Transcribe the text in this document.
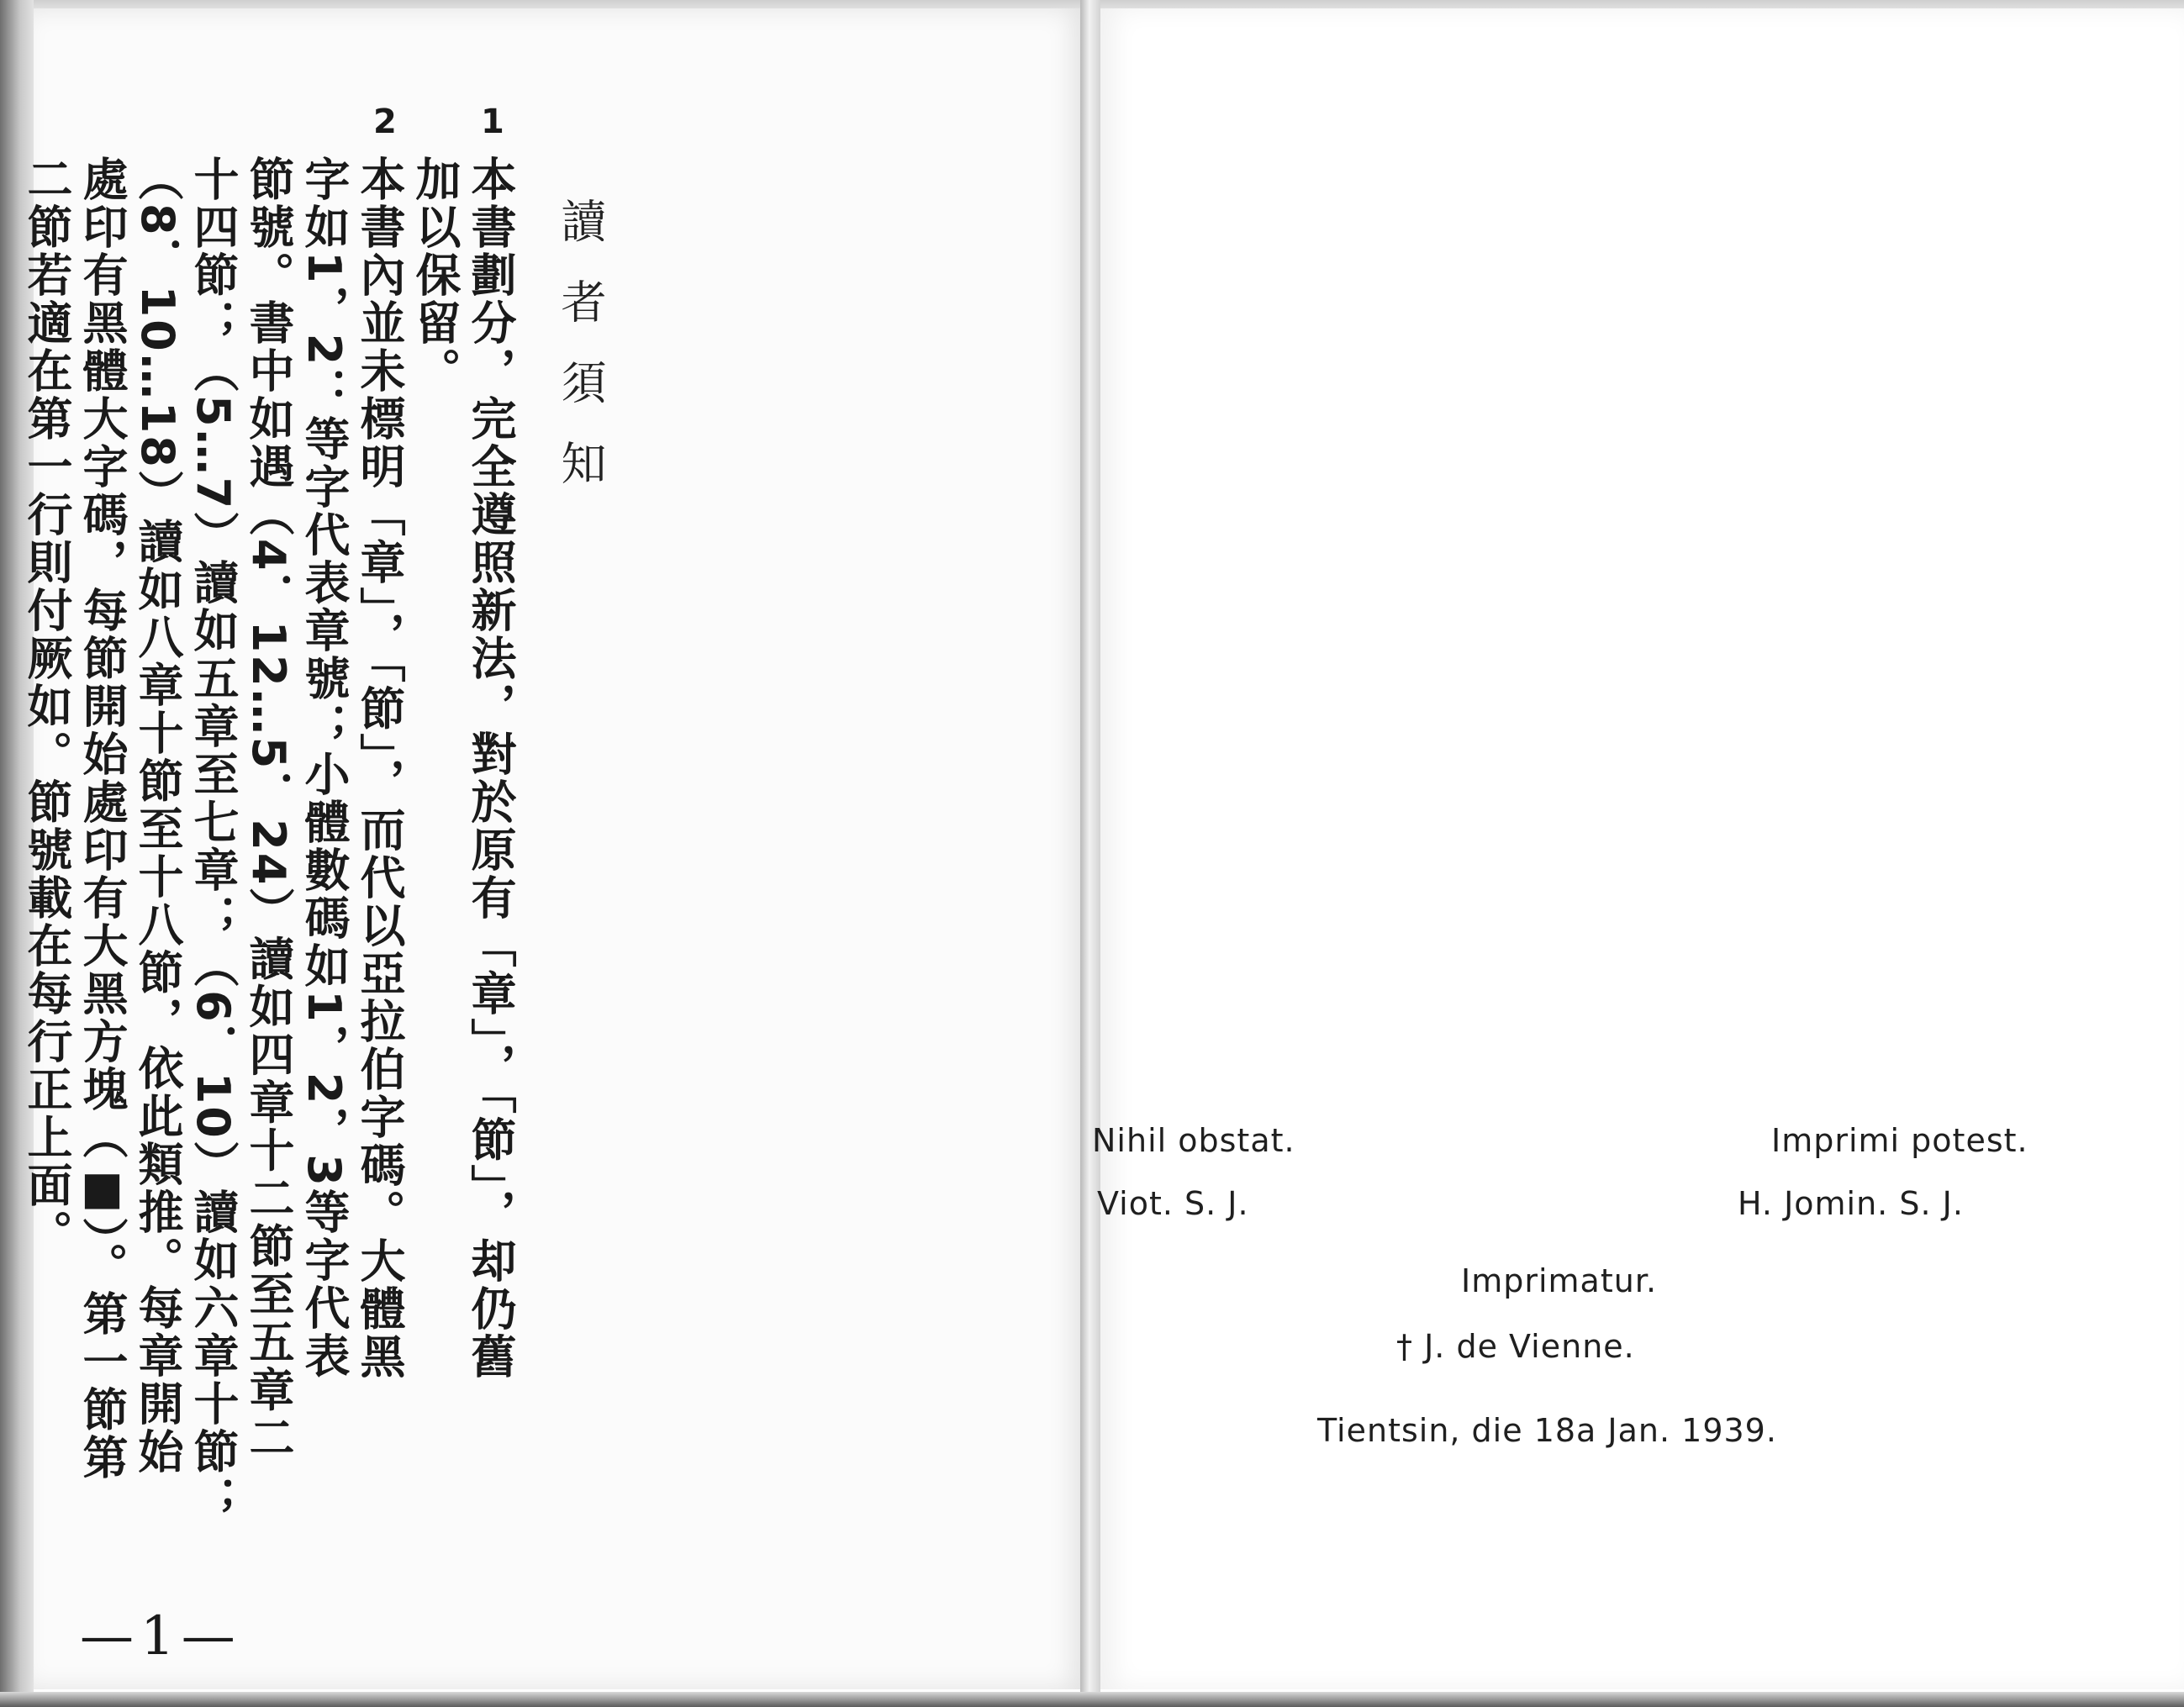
讀者須知
1
2
本書劃分，完全遵照新法，對於原有「章」，「節」，却仍舊
加以保留。
本書內並未標明「章」，「節」，而代以亞拉伯字碼。大體黑
字如1，2：等字代表章號；小體數碼如1，2，3等字代表
節號。書中如遇（4．12…5．24）讀如四章十二節至五章二
十四節；（5…7）讀如五章至七章；（6．10）讀如六章十節；
（8．10…18）讀如八章十節至十八節，依此類推。每章開始
處印有黑體大字碼，每節開始處印有大黑方塊（■）。第一節第
二節若適在第一行則付厥如。節號載在每行正上面。
—1—
Nihil obstat.
Viot. S. J.
Imprimi potest.
H. Jomin. S. J.
Imprimatur.
† J. de Vienne.
Tientsin, die 18a Jan. 1939.
